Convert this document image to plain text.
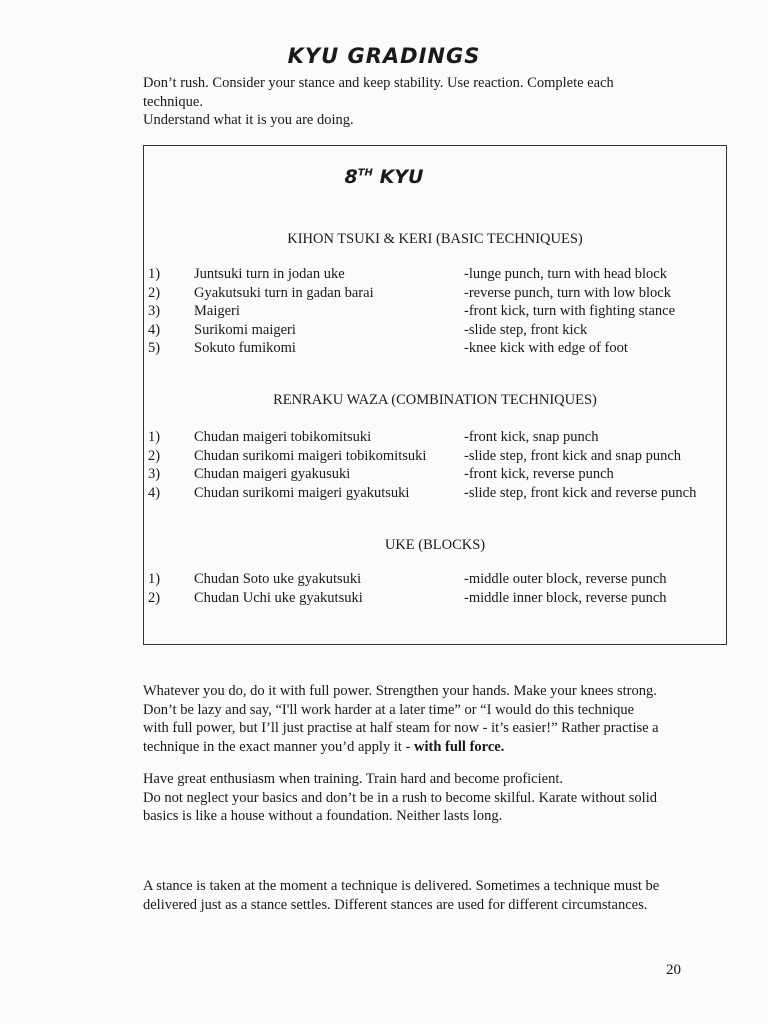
KYU GRADINGS
Don’t rush. Consider your stance and keep stability. Use reaction. Complete each
technique.
Understand what it is you are doing.
8TH KYU
KIHON TSUKI & KERI (BASIC TECHNIQUES)
1) Juntsuki turn in jodan uke	-lunge punch, turn with head block
2) Gyakutsuki turn in gadan barai	-reverse punch, turn with low block
3) Maigeri	-front kick, turn with fighting stance
4) Surikomi maigeri	-slide step, front kick
5) Sokuto fumikomi	-knee kick with edge of foot
RENRAKU WAZA (COMBINATION TECHNIQUES)
1) Chudan maigeri tobikomitsuki	-front kick, snap punch
2) Chudan surikomi maigeri tobikomitsuki	-slide step, front kick and snap punch
3) Chudan maigeri gyakusuki	-front kick, reverse punch
4) Chudan surikomi maigeri gyakutsuki	-slide step, front kick and reverse punch
UKE (BLOCKS)
1) Chudan Soto uke gyakutsuki	-middle outer block, reverse punch
2) Chudan Uchi uke gyakutsuki	-middle inner block, reverse punch
Whatever you do, do it with full power. Strengthen your hands. Make your knees strong.
Don’t be lazy and say, “I'll work harder at a later time” or “I would do this technique
with full power, but I’ll just practise at half steam for now - it’s easier!” Rather practise a
technique in the exact manner you’d apply it - with full force.
Have great enthusiasm when training. Train hard and become proficient.
Do not neglect your basics and don’t be in a rush to become skilful. Karate without solid
basics is like a house without a foundation. Neither lasts long.
A stance is taken at the moment a technique is delivered. Sometimes a technique must be
delivered just as a stance settles. Different stances are used for different circumstances.
20
